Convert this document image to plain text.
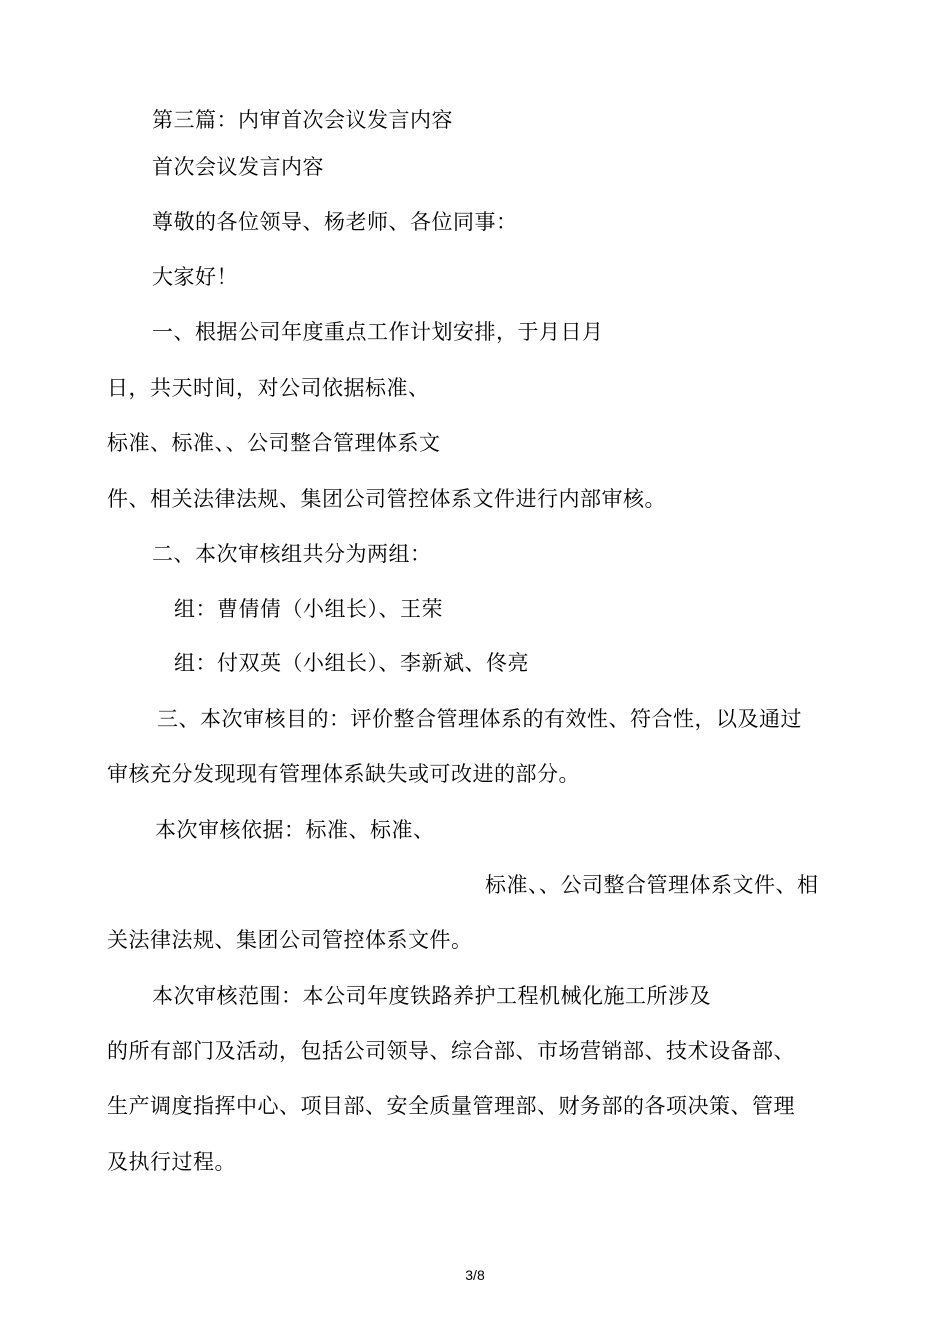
第三篇：内审首次会议发言内容
首次会议发言内容
尊敬的各位领导、杨老师、各位同事：
大家好！
一、根据公司年度重点工作计划安排，于月日月
日，共天时间，对公司依据标准、
标准、标准、、公司整合管理体系文
件、相关法律法规、集团公司管控体系文件进行内部审核。
二、本次审核组共分为两组：
组：曹倩倩（小组长）、王荣
组：付双英（小组长）、李新斌、佟亮
三、本次审核目的：评价整合管理体系的有效性、符合性，以及通过
审核充分发现现有管理体系缺失或可改进的部分。
本次审核依据：标准、标准、
标准、、公司整合管理体系文件、相
关法律法规、集团公司管控体系文件。
本次审核范围：本公司年度铁路养护工程机械化施工所涉及
的所有部门及活动，包括公司领导、综合部、市场营销部、技术设备部、
生产调度指挥中心、项目部、安全质量管理部、财务部的各项决策、管理
及执行过程。
3/8
